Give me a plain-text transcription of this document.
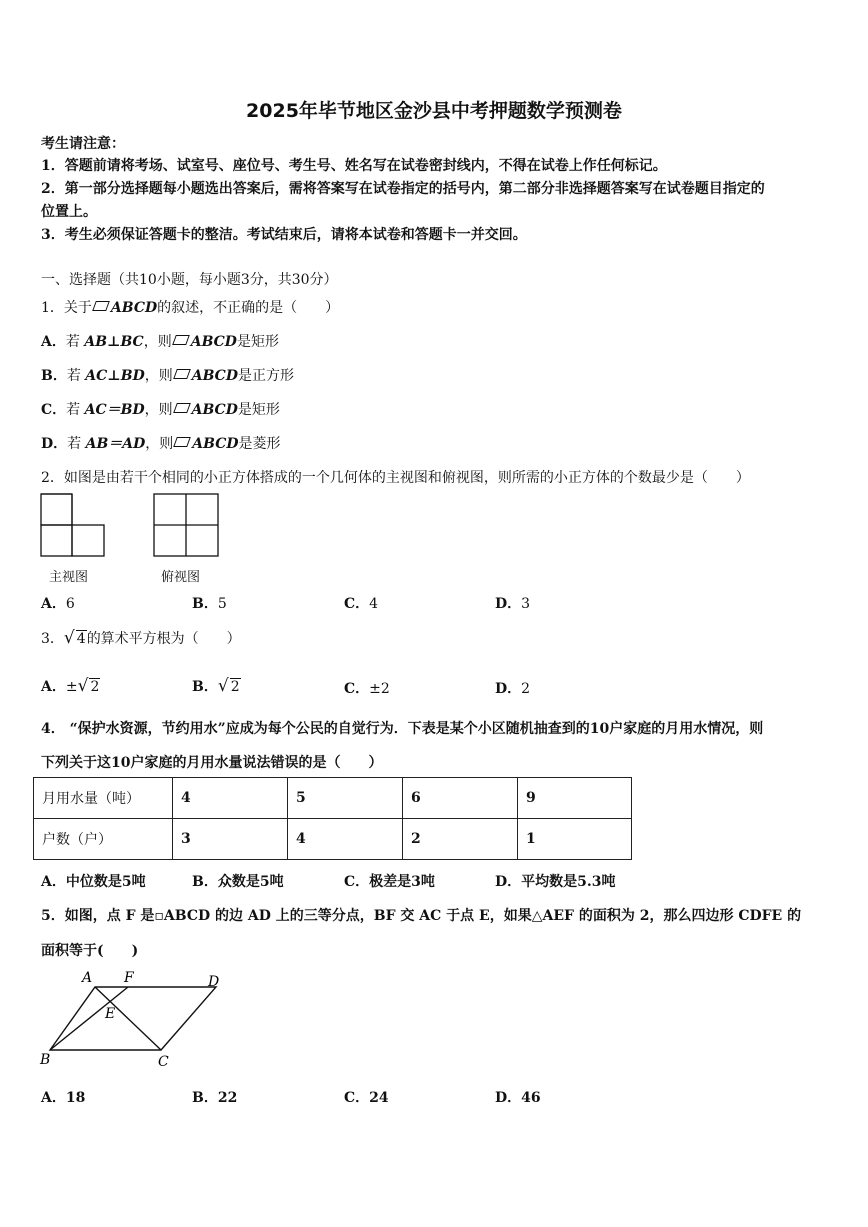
2025年毕节地区金沙县中考押题数学预测卷
考生请注意：
1．答题前请将考场、试室号、座位号、考生号、姓名写在试卷密封线内，不得在试卷上作任何标记。
2．第一部分选择题每小题选出答案后，需将答案写在试卷指定的括号内，第二部分非选择题答案写在试卷题目指定的
位置上。
3．考生必须保证答题卡的整洁。考试结束后，请将本试卷和答题卡一并交回。
一、选择题（共10小题，每小题3分，共30分）
1．关于 ABCD的叙述，不正确的是（　　）
A．若 AB⊥BC，则 ABCD是矩形
B．若 AC⊥BD，则 ABCD是正方形
C．若 AC＝BD，则 ABCD是矩形
D．若 AB＝AD，则 ABCD是菱形
2．如图是由若干个相同的小正方体搭成的一个几何体的主视图和俯视图，则所需的小正方体的个数最少是（　　）
主视图	俯视图
A．6	B．5	C．4	D．3
3．√ 4的算术平方根为（　　）
A．±√ 2	B．√ 2	C．±2	D．2
4． “保护水资源，节约用水”应成为每个公民的自觉行为．下表是某个小区随机抽查到的10户家庭的月用水情况，则
下列关于这10户家庭的月用水量说法错误的是（　　）
月用水量（吨）	4	5	6	9
户数（户）	3	4	2	1
A．中位数是5吨	B．众数是5吨	C．极差是3吨	D．平均数是5.3吨
5．如图，点 F 是▫ABCD 的边 AD 上的三等分点，BF 交 AC 于点 E，如果△AEF 的面积为 2，那么四边形 CDFE 的
面积等于(　　)
A F	D
E
B	C
A．18	B．22	C．24	D．46
